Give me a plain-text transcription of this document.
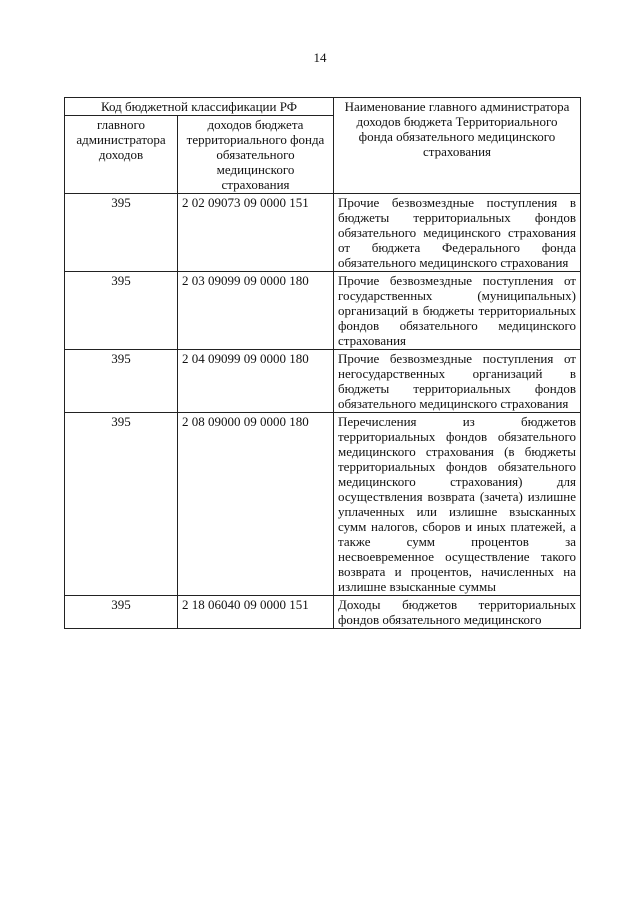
14
Код бюджетной классификации РФ		Наименование главного администратора доходов бюджета Территориального фонда обязательного медицинского страхования
главного администратора доходов	доходов бюджета территориального фонда обязательного медицинского страхования	
395	2 02 09073 09 0000 151	Прочие безвозмездные поступления в бюджеты территориальных фондов обязательного медицинского страхования от бюджета Федерального фонда обязательного медицинского страхования
395	2 03 09099 09 0000 180	Прочие безвозмездные поступления от государственных (муниципальных) организаций в бюджеты территориальных фондов обязательного медицинского страхования
395	2 04 09099 09 0000 180	Прочие безвозмездные поступления от негосударственных организаций в бюджеты территориальных фондов обязательного медицинского страхования
395	2 08 09000 09 0000 180	Перечисления из бюджетов территориальных фондов обязательного медицинского страхования (в бюджеты территориальных фондов обязательного медицинского страхования) для осуществления возврата (зачета) излишне уплаченных или излишне взысканных сумм налогов, сборов и иных платежей, а также сумм процентов за несвоевременное осуществление такого возврата и процентов, начисленных на излишне взысканные суммы
395	2 18 06040 09 0000 151	Доходы бюджетов территориальных фондов обязательного медицинского
